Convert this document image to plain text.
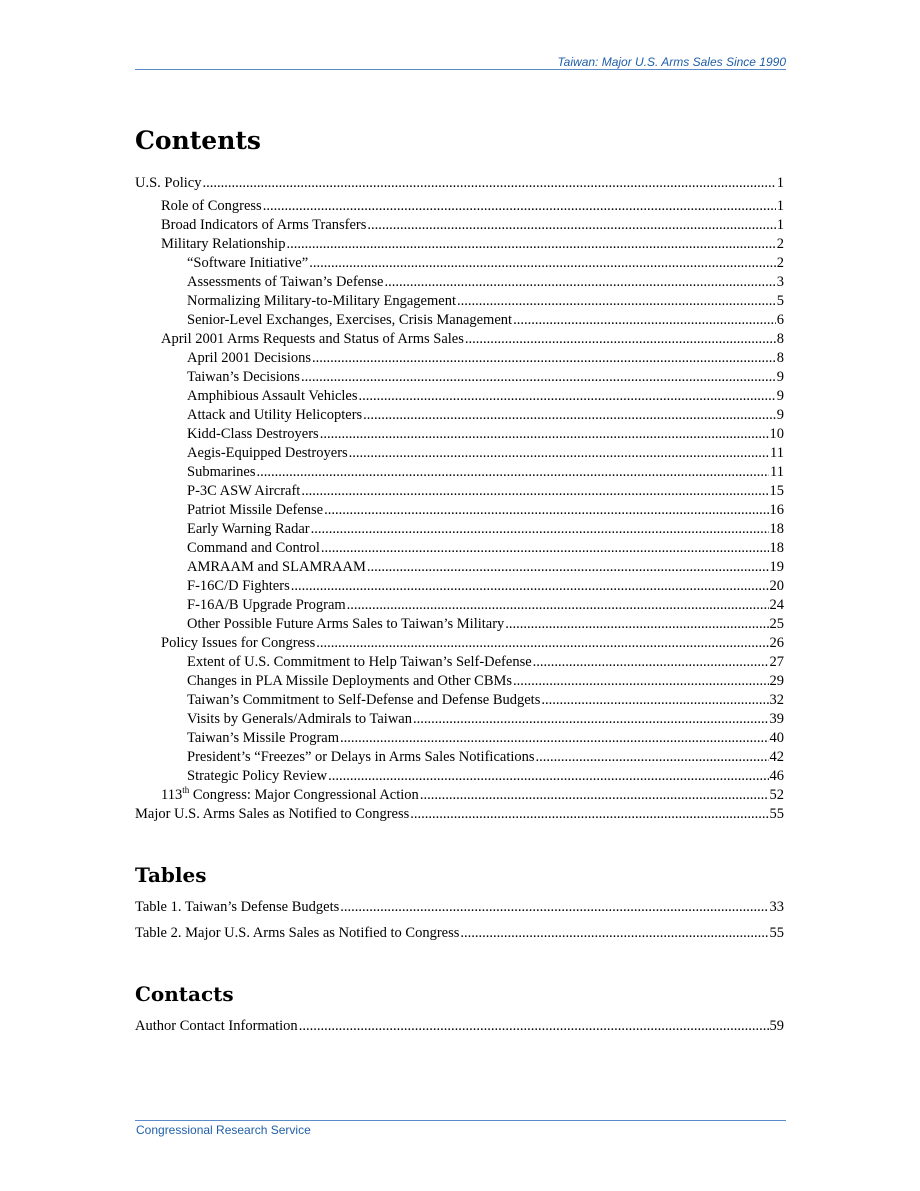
Taiwan: Major U.S. Arms Sales Since 1990
Contents
U.S. Policy .....	1
Role of Congress .....	1
Broad Indicators of Arms Transfers .....	1
Military Relationship .....	2
“Software Initiative” .....	2
Assessments of Taiwan’s Defense .....	3
Normalizing Military-to-Military Engagement .....	5
Senior-Level Exchanges, Exercises, Crisis Management .....	6
April 2001 Arms Requests and Status of Arms Sales .....	8
April 2001 Decisions .....	8
Taiwan’s Decisions .....	9
Amphibious Assault Vehicles .....	9
Attack and Utility Helicopters .....	9
Kidd-Class Destroyers .....	10
Aegis-Equipped Destroyers .....	11
Submarines .....	11
P-3C ASW Aircraft .....	15
Patriot Missile Defense .....	16
Early Warning Radar .....	18
Command and Control .....	18
AMRAAM and SLAMRAAM .....	19
F-16C/D Fighters .....	20
F-16A/B Upgrade Program .....	24
Other Possible Future Arms Sales to Taiwan’s Military .....	25
Policy Issues for Congress .....	26
Extent of U.S. Commitment to Help Taiwan’s Self-Defense .....	27
Changes in PLA Missile Deployments and Other CBMs .....	29
Taiwan’s Commitment to Self-Defense and Defense Budgets .....	32
Visits by Generals/Admirals to Taiwan .....	39
Taiwan’s Missile Program .....	40
President’s “Freezes” or Delays in Arms Sales Notifications .....	42
Strategic Policy Review .....	46
113th Congress: Major Congressional Action .....	52
Major U.S. Arms Sales as Notified to Congress .....	55
Tables
Table 1. Taiwan’s Defense Budgets .....	33
Table 2. Major U.S. Arms Sales as Notified to Congress .....	55
Contacts
Author Contact Information .....	59
Congressional Research Service
